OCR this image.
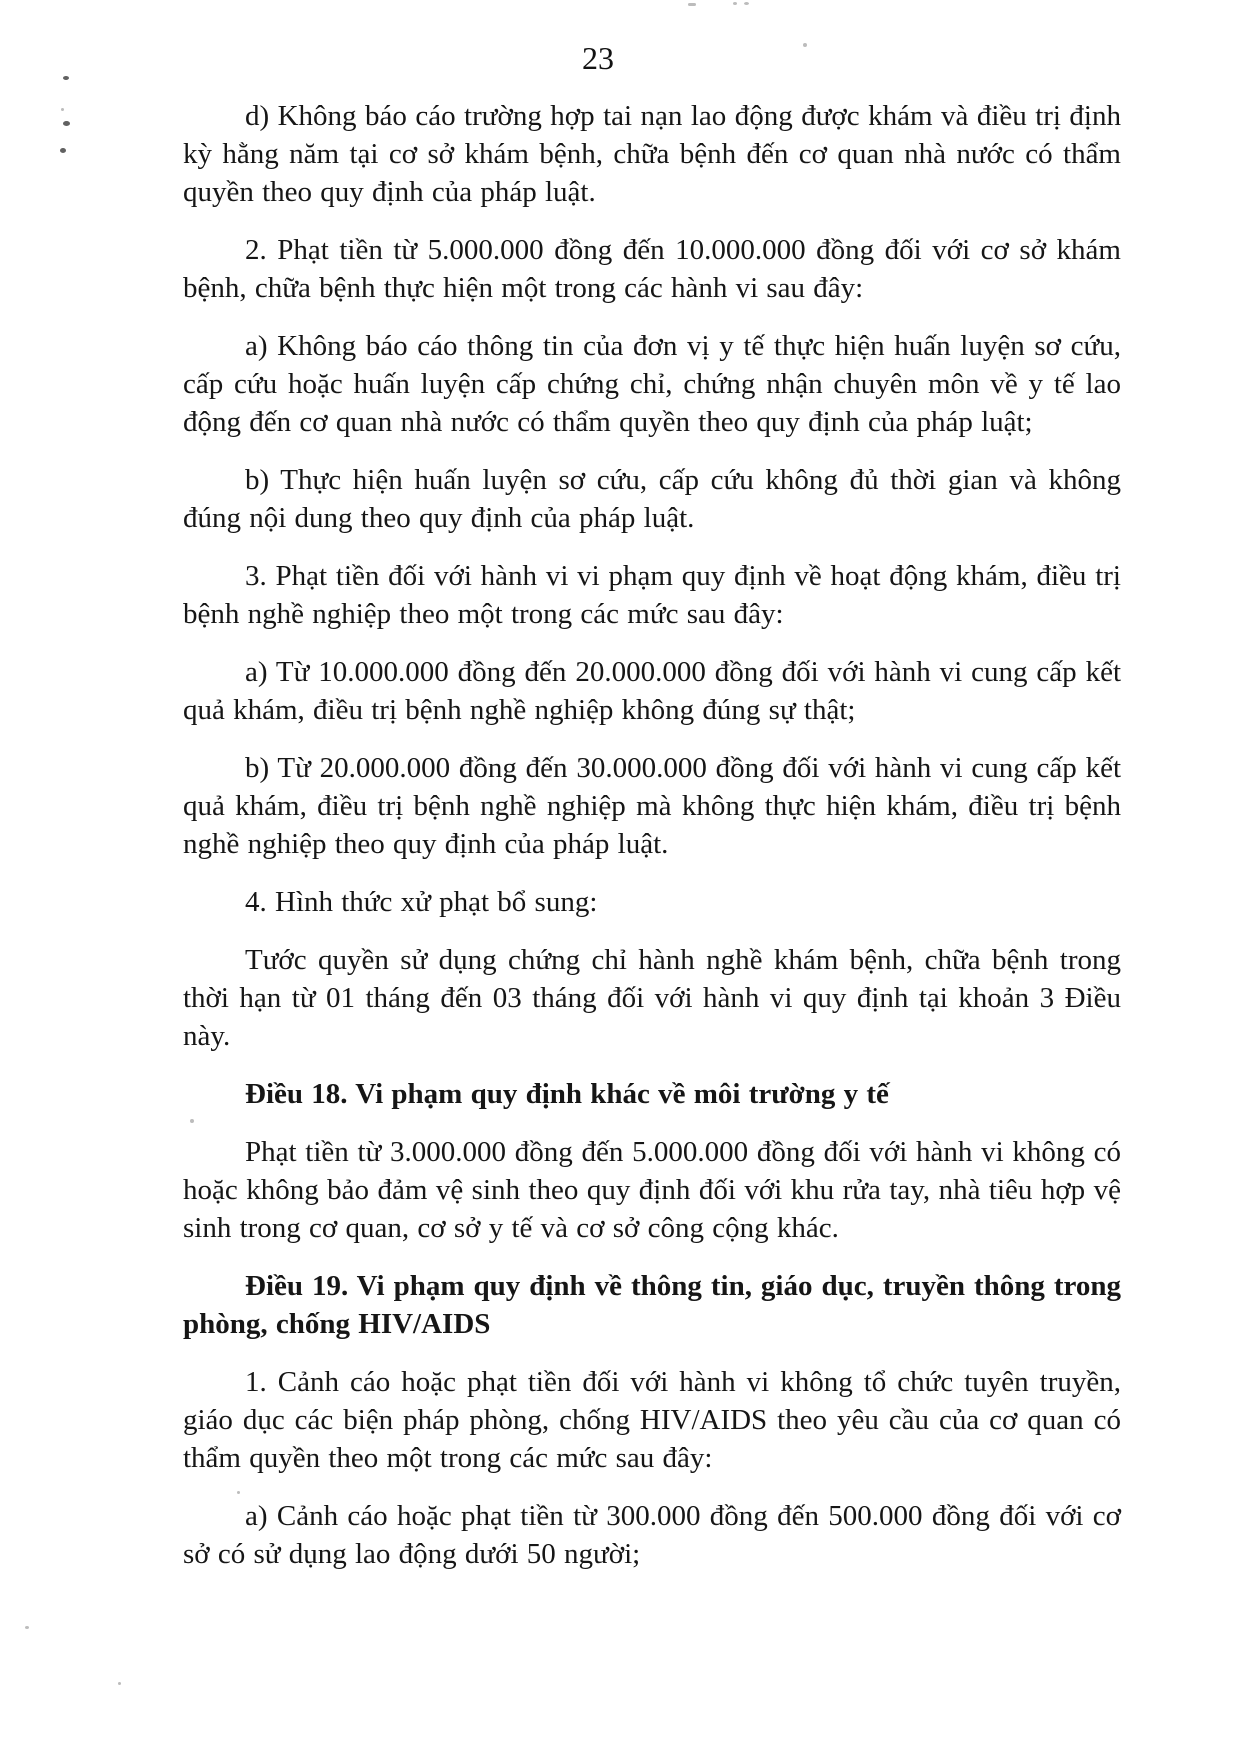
23

d) Không báo cáo trường hợp tai nạn lao động được khám và điều trị định kỳ hằng năm tại cơ sở khám bệnh, chữa bệnh đến cơ quan nhà nước có thẩm quyền theo quy định của pháp luật.

2. Phạt tiền từ 5.000.000 đồng đến 10.000.000 đồng đối với cơ sở khám bệnh, chữa bệnh thực hiện một trong các hành vi sau đây:

a) Không báo cáo thông tin của đơn vị y tế thực hiện huấn luyện sơ cứu, cấp cứu hoặc huấn luyện cấp chứng chỉ, chứng nhận chuyên môn về y tế lao động đến cơ quan nhà nước có thẩm quyền theo quy định của pháp luật;

b) Thực hiện huấn luyện sơ cứu, cấp cứu không đủ thời gian và không đúng nội dung theo quy định của pháp luật.

3. Phạt tiền đối với hành vi vi phạm quy định về hoạt động khám, điều trị bệnh nghề nghiệp theo một trong các mức sau đây:

a) Từ 10.000.000 đồng đến 20.000.000 đồng đối với hành vi cung cấp kết quả khám, điều trị bệnh nghề nghiệp không đúng sự thật;

b) Từ 20.000.000 đồng đến 30.000.000 đồng đối với hành vi cung cấp kết quả khám, điều trị bệnh nghề nghiệp mà không thực hiện khám, điều trị bệnh nghề nghiệp theo quy định của pháp luật.

4. Hình thức xử phạt bổ sung:

Tước quyền sử dụng chứng chỉ hành nghề khám bệnh, chữa bệnh trong thời hạn từ 01 tháng đến 03 tháng đối với hành vi quy định tại khoản 3 Điều này.

Điều 18. Vi phạm quy định khác về môi trường y tế

Phạt tiền từ 3.000.000 đồng đến 5.000.000 đồng đối với hành vi không có hoặc không bảo đảm vệ sinh theo quy định đối với khu rửa tay, nhà tiêu hợp vệ sinh trong cơ quan, cơ sở y tế và cơ sở công cộng khác.

Điều 19. Vi phạm quy định về thông tin, giáo dục, truyền thông trong phòng, chống HIV/AIDS

1. Cảnh cáo hoặc phạt tiền đối với hành vi không tổ chức tuyên truyền, giáo dục các biện pháp phòng, chống HIV/AIDS theo yêu cầu của cơ quan có thẩm quyền theo một trong các mức sau đây:

a) Cảnh cáo hoặc phạt tiền từ 300.000 đồng đến 500.000 đồng đối với cơ sở có sử dụng lao động dưới 50 người;
